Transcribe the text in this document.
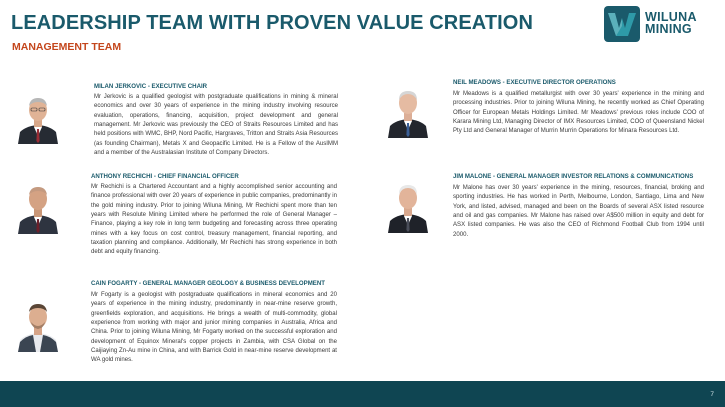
LEADERSHIP TEAM WITH PROVEN VALUE CREATION
MANAGEMENT TEAM
WILUNA
MINING
MILAN JERKOVIC - EXECUTIVE CHAIR

Mr Jerkovic is a qualified geologist with postgraduate qualifications in mining & mineral economics and over 30 years of experience in the mining industry involving resource evaluation, operations, financing, acquisition, project development and general management. Mr Jerkovic was previously the CEO of Straits Resources Limited and has held positions with WMC, BHP, Nord Pacific, Hargraves, Tritton and Straits Asia Resources (as founding Chairman), Metals X and Geopacific Limited. He is a Fellow of the AusIMM and a member of the Australasian Institute of Company Directors.

ANTHONY RECHICHI - CHIEF FINANCIAL OFFICER

Mr Rechichi is a Chartered Accountant and a highly accomplished senior accounting and finance professional with over 20 years of experience in public companies, predominantly in the gold mining industry. Prior to joining Wiluna Mining, Mr Rechichi spent more than ten years with Resolute Mining Limited where he performed the role of General Manager – Finance, playing a key role in long term budgeting and forecasting across three operating mines with a key focus on cost control, treasury management, financial reporting, and taxation planning and compliance. Additionally, Mr Rechichi has strong experience in both debt and equity financing.

CAIN FOGARTY - GENERAL MANAGER GEOLOGY & BUSINESS DEVELOPMENT

Mr Fogarty is a geologist with postgraduate qualifications in mineral economics and 20 years of experience in the mining industry, predominantly in near-mine reserve growth, greenfields exploration, and acquisitions. He brings a wealth of multi-commodity, global experience from working with major and junior mining companies in Australia, Africa and China. Prior to joining Wiluna Mining, Mr Fogarty worked on the successful exploration and development of Equinox Mineral's copper projects in Zambia, with CSA Global on the Caijiaying Zn-Au mine in China, and with Barrick Gold in near-mine reserve development at WA gold mines.

NEIL MEADOWS - EXECUTIVE DIRECTOR OPERATIONS

Mr Meadows is a qualified metallurgist with over 30 years' experience in the mining and processing industries. Prior to joining Wiluna Mining, he recently worked as Chief Operating Officer for European Metals Holdings Limited. Mr Meadows' previous roles include COO of Karara Mining Ltd, Managing Director of IMX Resources Limited, COO of Queensland Nickel Pty Ltd and General Manager of Murrin Murrin Operations for Minara Resources Ltd.

JIM MALONE - GENERAL MANAGER INVESTOR RELATIONS & COMMUNICATIONS

Mr Malone has over 30 years' experience in the mining, resources, financial, broking and sporting industries. He has worked in Perth, Melbourne, London, Santiago, Lima and New York, and listed, advised, managed and been on the Boards of several ASX listed resource and oil and gas companies. Mr Malone has raised over A$500 million in equity and debt for ASX listed companies. He was also the CEO of Richmond Football Club from 1994 until 2000.

7
